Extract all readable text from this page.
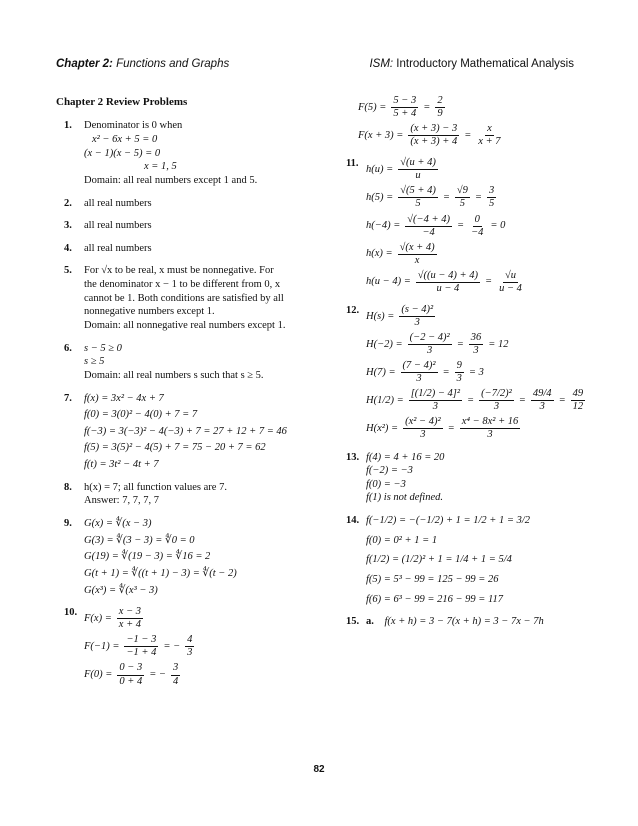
Chapter 2: Functions and Graphs	ISM: Introductory Mathematical Analysis
Chapter 2 Review Problems
1. Denominator is 0 when
x² − 6x + 5 = 0
(x − 1)(x − 5) = 0
x = 1, 5
Domain: all real numbers except 1 and 5.
2. all real numbers
3. all real numbers
4. all real numbers
5. For √x to be real, x must be nonnegative. For
the denominator x − 1 to be different from 0, x
cannot be 1. Both conditions are satisfied by all
nonnegative numbers except 1.
Domain: all nonnegative real numbers except 1.
6. s − 5 ≥ 0
s ≥ 5
Domain: all real numbers s such that s ≥ 5.
7. f(x) = 3x² − 4x + 7
f(0) = 3(0)² − 4(0) + 7 = 7
f(−3) = 3(−3)² − 4(−3) + 7 = 27 + 12 + 7 = 46
f(5) = 3(5)² − 4(5) + 7 = 75 − 20 + 7 = 62
f(t) = 3t² − 4t + 7
8. h(x) = 7; all function values are 7.
Answer: 7, 7, 7, 7
9. G(x) = ∜(x − 3)
G(3) = ∜(3 − 3) = ∜0 = 0
G(19) = ∜(19 − 3) = ∜16 = 2
G(t + 1) = ∜((t + 1) − 3) = ∜(t − 2)
G(x³) = ∜(x³ − 3)
10.
$F(x) = \frac{x - 3}{x + 4}$
$F(-1) = \frac{-1 - 3}{-1 + 4}$ = − $\frac{4}{3}$
$F(0) = \frac{0 - 3}{0 + 4}$ = − $\frac{3}{4}$
$F(5) = \frac{5 - 3}{5 + 4} = \frac{2}{9}$
$F(x + 3) = \frac{(x + 3) - 3}{(x + 3) + 4} = \frac{x}{x + 7}$
11.
$h(u) = \frac{√(u + 4)}{u}$
$h(5) = \frac{√(5 + 4)}{5} = \frac{√9}{5} = \frac{3}{5}$
$h(-4) = \frac{√(-4 + 4)}{-4} = \frac{0}{-4} = 0$
$h(x) = \frac{√(x + 4)}{x}$
$h(u - 4) = \frac{√((u - 4) + 4)}{u - 4} = \frac{√u}{u - 4}$
12.
$H(s) = \frac{\text{(s − 4)²}}{3}$
$H(-2) = \frac{\text{(−2 − 4)²}}{3} = \frac{36}{3} = 12$
$H(7) = \frac{\text{(7 − 4)²}}{3} = \frac{9}{3} = 3$
$H(1/2) = \frac{\text{[(1/2) − 4]²}}{3} = \frac{\text{(−7/2)²}}{3} = \frac{49/4}{3} = \frac{49}{12}$
$H(x^2) = \frac{\text{(x² − 4)²}}{3} = \frac{\text{x⁴ − 8x² + 16}}{3}$
13. f(4) = 4 + 16 = 20
f(−2) = −3
f(0) = −3
f(1) is not defined.
14. f(−1/2) = −(−1/2) + 1 = 1/2 + 1 = 3/2
f(0) = 0² + 1 = 1
f(1/2) = (1/2)² + 1 = 1/4 + 1 = 5/4
f(5) = 5³ − 99 = 125 − 99 = 26
f(6) = 6³ − 99 = 216 − 99 = 117
15. a. f(x + h) = 3 − 7(x + h) = 3 − 7x − 7h
82
